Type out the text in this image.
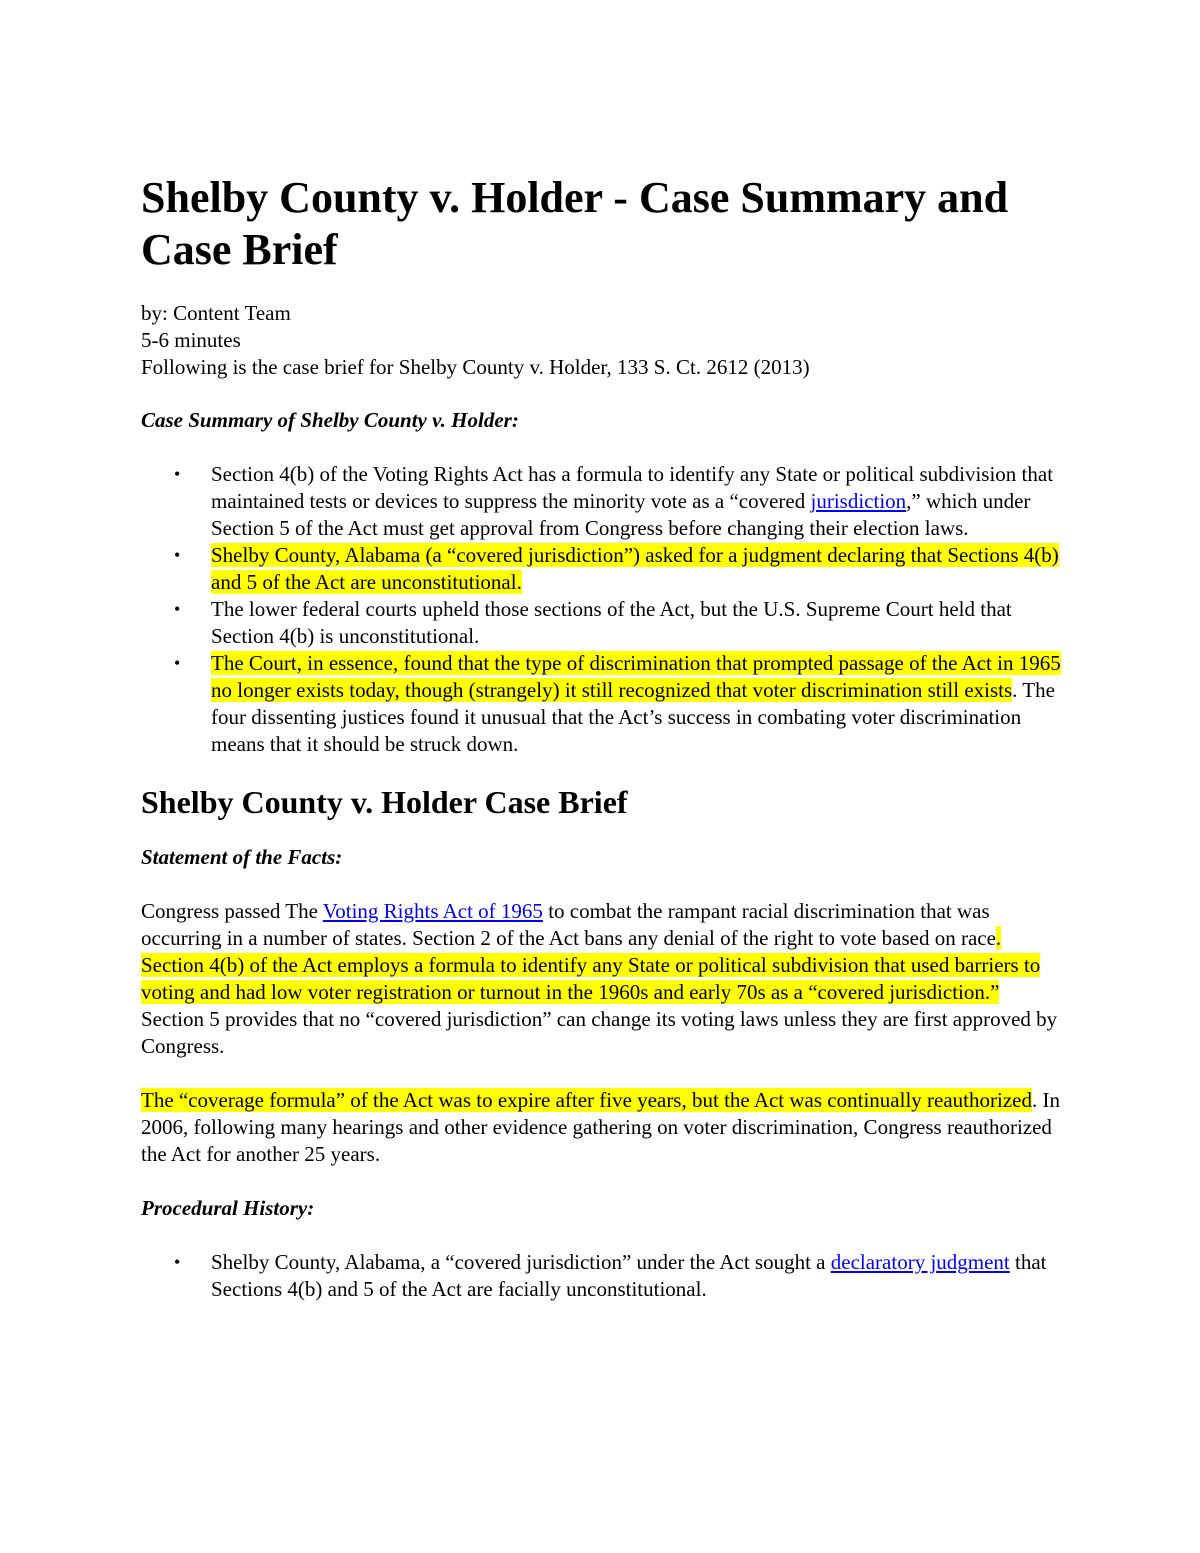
Shelby County v. Holder - Case Summary and Case Brief
by: Content Team
5-6 minutes

Following is the case brief for Shelby County v. Holder, 133 S. Ct. 2612 (2013)

Case Summary of Shelby County v. Holder:

• Section 4(b) of the Voting Rights Act has a formula to identify any State or political subdivision that maintained tests or devices to suppress the minority vote as a “covered jurisdiction,” which under Section 5 of the Act must get approval from Congress before changing their election laws.
• Shelby County, Alabama (a “covered jurisdiction”) asked for a judgment declaring that Sections 4(b) and 5 of the Act are unconstitutional.
• The lower federal courts upheld those sections of the Act, but the U.S. Supreme Court held that Section 4(b) is unconstitutional.
• The Court, in essence, found that the type of discrimination that prompted passage of the Act in 1965 no longer exists today, though (strangely) it still recognized that voter discrimination still exists. The four dissenting justices found it unusual that the Act’s success in combating voter discrimination means that it should be struck down.
Shelby County v. Holder Case Brief

Statement of the Facts:

Congress passed The Voting Rights Act of 1965 to combat the rampant racial discrimination that was occurring in a number of states. Section 2 of the Act bans any denial of the right to vote based on race. Section 4(b) of the Act employs a formula to identify any State or political subdivision that used barriers to voting and had low voter registration or turnout in the 1960s and early 70s as a “covered jurisdiction.” Section 5 provides that no “covered jurisdiction” can change its voting laws unless they are first approved by Congress.

The “coverage formula” of the Act was to expire after five years, but the Act was continually reauthorized. In 2006, following many hearings and other evidence gathering on voter discrimination, Congress reauthorized the Act for another 25 years.

Procedural History:

• Shelby County, Alabama, a “covered jurisdiction” under the Act sought a declaratory judgment that Sections 4(b) and 5 of the Act are facially unconstitutional.
